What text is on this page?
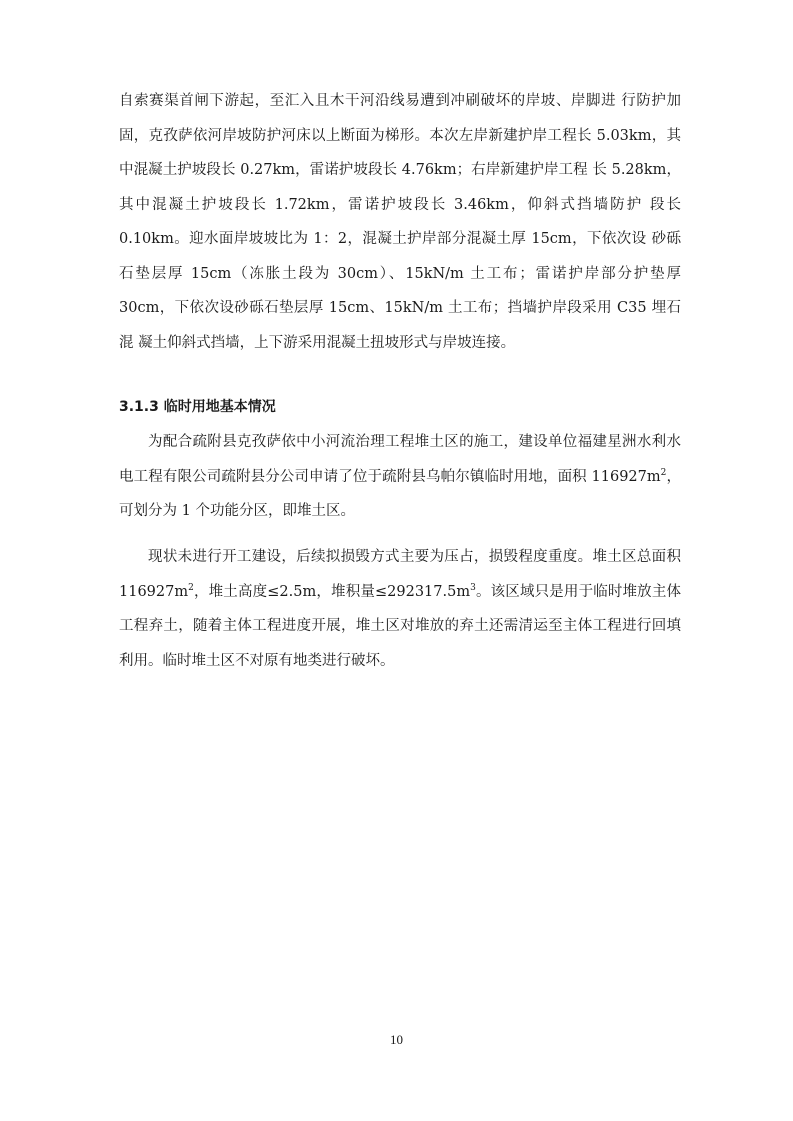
自索赛渠首闸下游起，至汇入且木干河沿线易遭到冲刷破坏的岸坡、岸脚进 行防护加固，克孜萨依河岸坡防护河床以上断面为梯形。本次左岸新建护岸工程长 5.03km，其中混凝土护坡段长 0.27km，雷诺护坡段长 4.76km；右岸新建护岸工程 长 5.28km，其中混凝土护坡段长 1.72km，雷诺护坡段长 3.46km，仰斜式挡墙防护 段长 0.10km。迎水面岸坡坡比为 1：2，混凝土护岸部分混凝土厚 15cm，下依次设 砂砾石垫层厚 15cm（冻胀土段为 30cm）、15kN/m 土工布；雷诺护岸部分护垫厚 30cm，下依次设砂砾石垫层厚 15cm、15kN/m 土工布；挡墙护岸段采用 C35 埋石混 凝土仰斜式挡墙，上下游采用混凝土扭坡形式与岸坡连接。

3.1.3 临时用地基本情况

为配合疏附县克孜萨依中小河流治理工程堆土区的施工，建设单位福建星洲水利水电工程有限公司疏附县分公司申请了位于疏附县乌帕尔镇临时用地，面积 $116927m^2$，可划分为 1 个功能分区，即堆土区。

现状未进行开工建设，后续拟损毁方式主要为压占，损毁程度重度。堆土区总面积 $116927m^2$，堆土高度≤2.5m，堆积量$\le 292317.5m^3$。该区域只是用于临时堆放主体工程弃土，随着主体工程进度开展，堆土区对堆放的弃土还需清运至主体工程进行回填利用。临时堆土区不对原有地类进行破坏。

10
